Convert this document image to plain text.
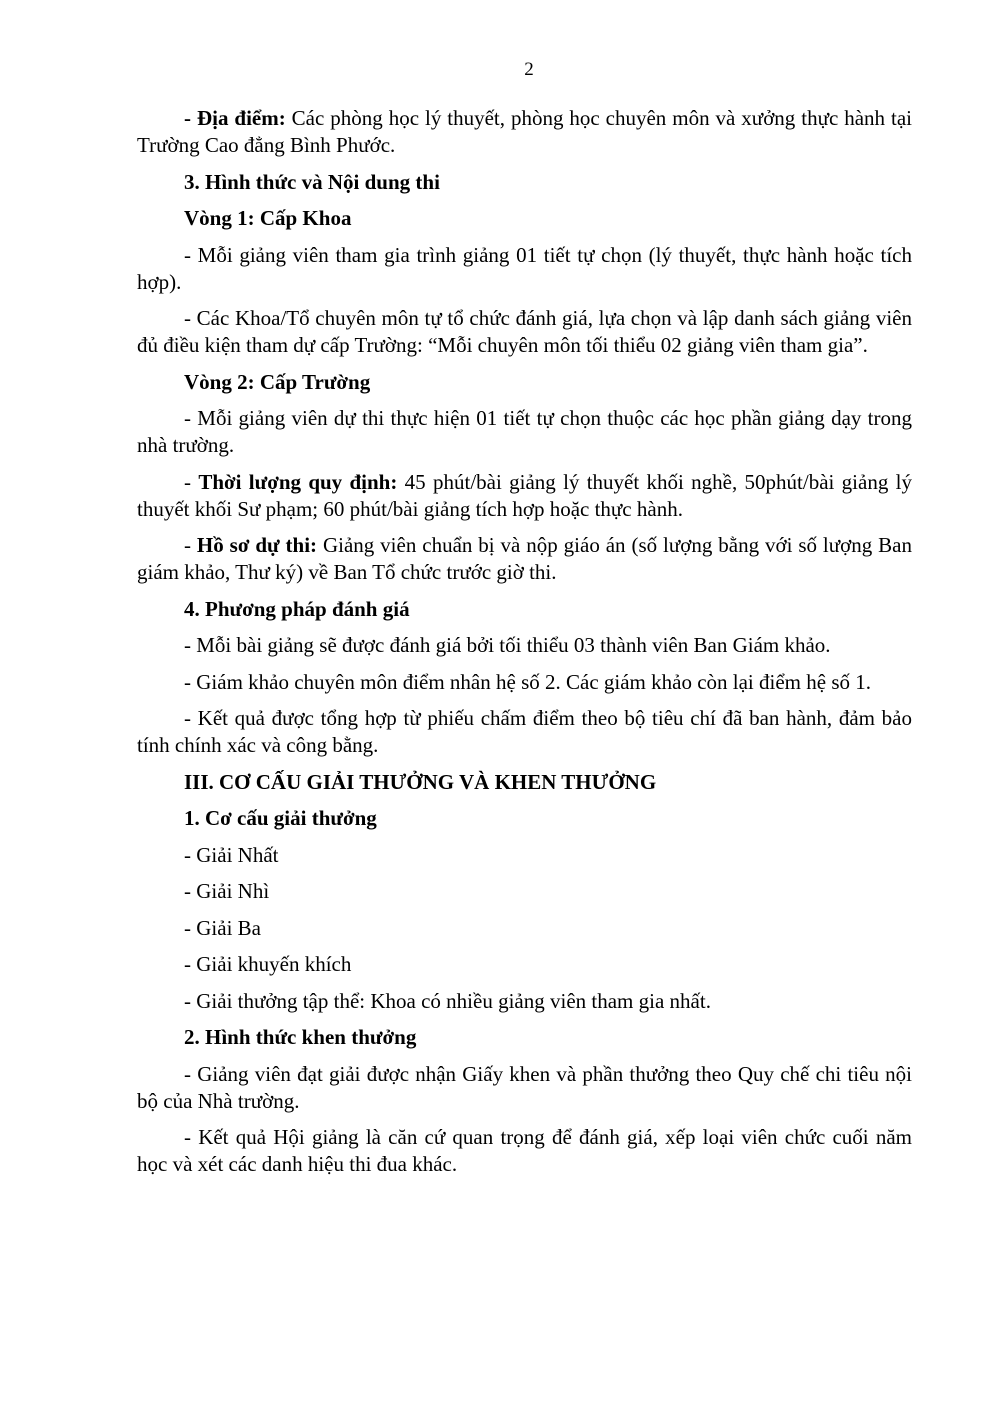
2

- Địa điểm: Các phòng học lý thuyết, phòng học chuyên môn và xưởng thực hành tại Trường Cao đẳng Bình Phước.

3. Hình thức và Nội dung thi

Vòng 1: Cấp Khoa

- Mỗi giảng viên tham gia trình giảng 01 tiết tự chọn (lý thuyết, thực hành hoặc tích hợp).

- Các Khoa/Tổ chuyên môn tự tổ chức đánh giá, lựa chọn và lập danh sách giảng viên đủ điều kiện tham dự cấp Trường: “Mỗi chuyên môn tối thiểu 02 giảng viên tham gia”.

Vòng 2: Cấp Trường

- Mỗi giảng viên dự thi thực hiện 01 tiết tự chọn thuộc các học phần giảng dạy trong nhà trường.

- Thời lượng quy định: 45 phút/bài giảng lý thuyết khối nghề, 50phút/bài giảng lý thuyết khối Sư phạm; 60 phút/bài giảng tích hợp hoặc thực hành.

- Hồ sơ dự thi: Giảng viên chuẩn bị và nộp giáo án (số lượng bằng với số lượng Ban giám khảo, Thư ký) về Ban Tổ chức trước giờ thi.

4. Phương pháp đánh giá

- Mỗi bài giảng sẽ được đánh giá bởi tối thiểu 03 thành viên Ban Giám khảo.

- Giám khảo chuyên môn điểm nhân hệ số 2. Các giám khảo còn lại điểm hệ số 1.

- Kết quả được tổng hợp từ phiếu chấm điểm theo bộ tiêu chí đã ban hành, đảm bảo tính chính xác và công bằng.

III. CƠ CẤU GIẢI THƯỞNG VÀ KHEN THƯỞNG

1. Cơ cấu giải thưởng

- Giải Nhất

- Giải Nhì

- Giải Ba

- Giải khuyến khích

- Giải thưởng tập thể: Khoa có nhiều giảng viên tham gia nhất.

2. Hình thức khen thưởng

- Giảng viên đạt giải được nhận Giấy khen và phần thưởng theo Quy chế chi tiêu nội bộ của Nhà trường.

- Kết quả Hội giảng là căn cứ quan trọng để đánh giá, xếp loại viên chức cuối năm học và xét các danh hiệu thi đua khác.
